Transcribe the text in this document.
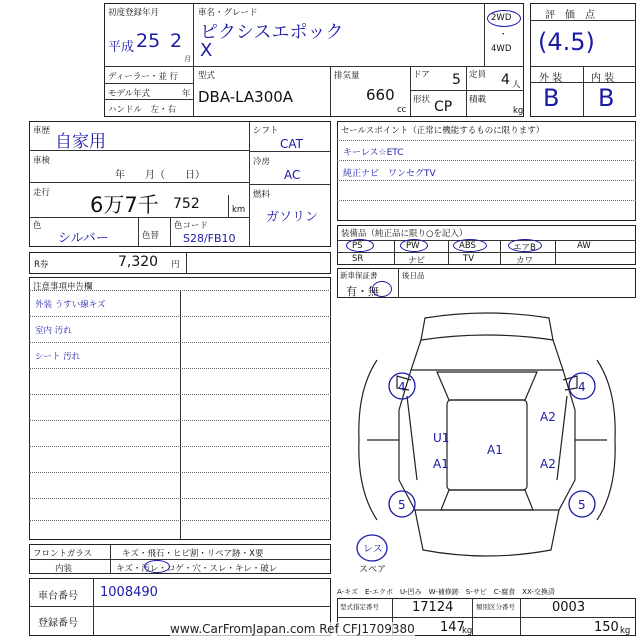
初度登録年月
平成 25 2
月
車名・グレード
ピクシスエポック
X
2WD
・
4WD
評　価　点
(4.5)
外 装	内 装
B B
ディーラー・並 行
モデル年式	年
ハンドル　左・右
型式
DBA-LA300A
排気量
660
cc
ドア 5 定員 4 人
形状 CP 積載
kg
車歴
自家用
車検
年　　月（　　日）
走行 6万7千 752	km
色
シルバー	色替
色コード
S28/FB10
シフト
CAT
冷房
AC
燃料
ガソリン
R券	7,320 円
セールスポイント（正常に機能するものに限ります）
キーレス☆ETC
純正ナビ　ワンセグTV
装備品（純正品に限り○を記入）
PS	PW	ABS	エアB	AW
SR	ナビ	TV	カワ
新車保証書
有・無
後日品
注意事項申告欄
外装 うすい線キズ
室内 汚れ
シート 汚れ
4	4
A2
U1
A1
A1	A2
5	5
レス
スペア
A-キズ　E-エクボ　U-凹み　W-補修跡　S-サビ　C-腐食　XX-交換済
フロントガラス	キズ・飛石・ヒビ割・リペア跡・X要
内装	キズ・汚レ・コゲ・穴・スレ・キレ・破レ
車台番号 1008490
登録番号
型式指定番号	17124	類別区分番号	0003
147
kg	150 kg
www.CarFromJapan.com Ref CFJ1709380
